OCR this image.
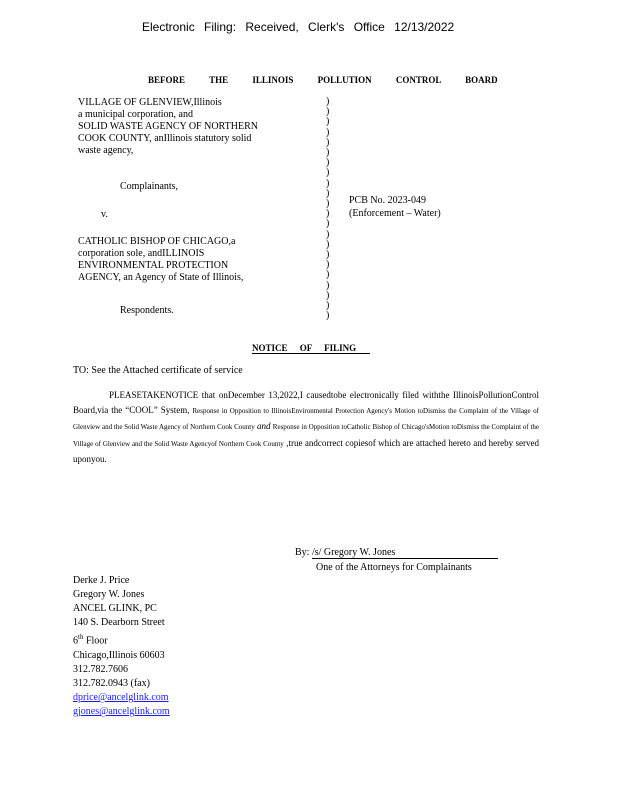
Electronic Filing: Received, Clerk's Office 12/13/2022
BEFORE THE ILLINOIS POLLUTION CONTROL BOARD
VILLAGE OF GLENVIEW,Illinois
a municipal corporation, and
SOLID WASTE AGENCY OF NORTHERN
COOK COUNTY, anIllinois statutory solid
waste agency,
Complainants,
v.
CATHOLIC BISHOP OF CHICAGO,a
corporation sole, andILLINOIS
ENVIRONMENTAL PROTECTION
AGENCY, an Agency of State of Illinois,
Respondents.
)
)
)
)
)
)
)
)
)
)
)
)
)
)
)
)
)
)
)
)
)
)
PCB No. 2023-049
(Enforcement – Water)
NOTICE OF FILING
TO: See the Attached certificate of service
PLEASETAKENOTICE that onDecember 13,2022,I causedtobe electronically filed withthe IllinoisPollutionControl Board,via the “COOL” System, Response in Opposition to IllinoisEnvironmental Protection Agency's Motion toDismiss the Complaint of the Village of Glenview and the Solid Waste Agency of Northern Cook County and Response in Opposition toCatholic Bishop of Chicago'sMotion toDismiss the Complaint of the Village of Glenview and the Solid Waste Agencyof Northern Cook County ,true andcorrect copiesof which are attached hereto and hereby served uponyou.
By: /s/ Gregory W. Jones
One of the Attorneys for Complainants
Derke J. Price
Gregory W. Jones
ANCEL GLINK, PC
140 S. Dearborn Street
6th Floor
Chicago,Illinois 60603
312.782.7606
312.782.0943 (fax)
dprice@ancelglink.com
gjones@ancelglink.com
